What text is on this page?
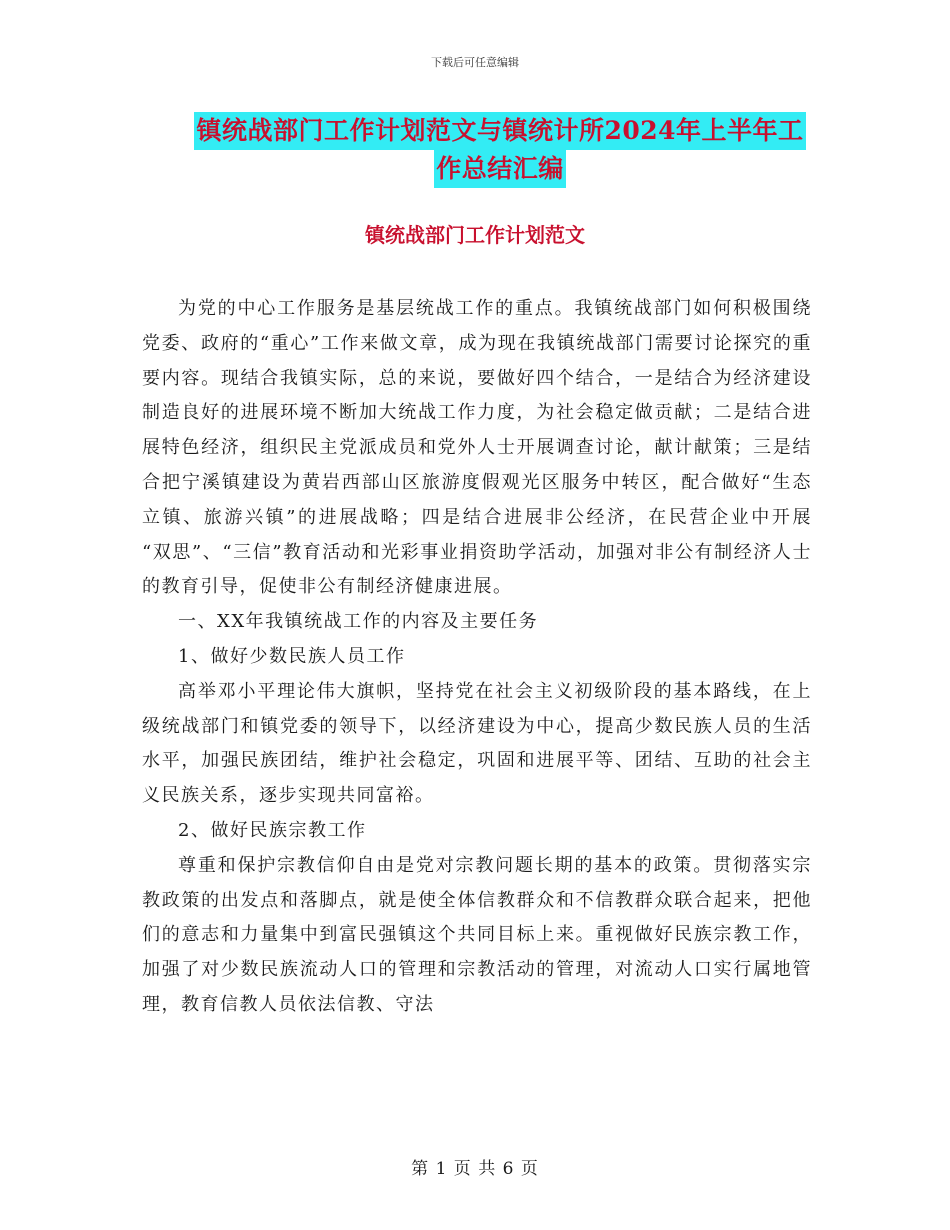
下载后可任意编辑
镇统战部门工作计划范文与镇统计所2024年上半年工
作总结汇编
镇统战部门工作计划范文

为党的中心工作服务是基层统战工作的重点。我镇统战部门如何积极围绕党委、政府的“重心”工作来做文章，成为现在我镇统战部门需要讨论探究的重要内容。现结合我镇实际，总的来说，要做好四个结合，一是结合为经济建设制造良好的进展环境不断加大统战工作力度，为社会稳定做贡献；二是结合进展特色经济，组织民主党派成员和党外人士开展调查讨论，献计献策；三是结合把宁溪镇建设为黄岩西部山区旅游度假观光区服务中转区，配合做好“生态立镇、旅游兴镇”的进展战略；四是结合进展非公经济，在民营企业中开展 “双思”、“三信”教育活动和光彩事业捐资助学活动，加强对非公有制经济人士的教育引导，促使非公有制经济健康进展。

一、XX年我镇统战工作的内容及主要任务

1、做好少数民族人员工作

高举邓小平理论伟大旗帜，坚持党在社会主义初级阶段的基本路线，在上级统战部门和镇党委的领导下，以经济建设为中心，提高少数民族人员的生活水平，加强民族团结，维护社会稳定，巩固和进展平等、团结、互助的社会主义民族关系，逐步实现共同富裕。

2、做好民族宗教工作

尊重和保护宗教信仰自由是党对宗教问题长期的基本的政策。贯彻落实宗教政策的出发点和落脚点，就是使全体信教群众和不信教群众联合起来，把他们的意志和力量集中到富民强镇这个共同目标上来。重视做好民族宗教工作，加强了对少数民族流动人口的管理和宗教活动的管理，对流动人口实行属地管理，教育信教人员依法信教、守法

第 1 页 共 6 页
